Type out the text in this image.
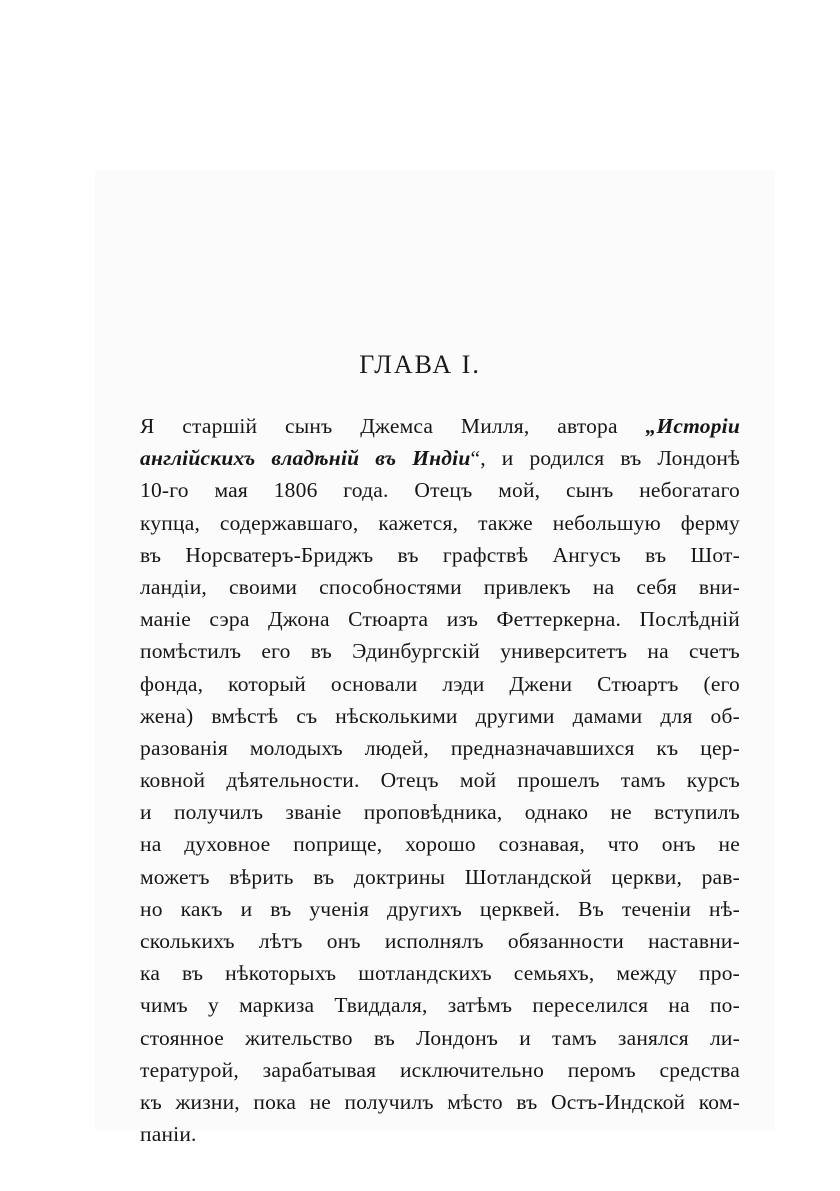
ГЛАВА I.
Я старшій сынъ Джемса Милля, автора „Исторіи
англійскихъ владѣній въ Индіи“, и родился въ Лондонѣ
10-го мая 1806 года. Отецъ мой, сынъ небогатаго
купца, содержавшаго, кажется, также небольшую ферму
въ Норсватеръ-Бриджъ въ графствѣ Ангусъ въ Шот-
ландіи, своими способностями привлекъ на себя вни-
маніе сэра Джона Стюарта изъ Феттеркерна. Послѣдній
помѣстилъ его въ Эдинбургскій университетъ на счетъ
фонда, который основали лэди Джени Стюартъ (его
жена) вмѣстѣ съ нѣсколькими другими дамами для об-
разованія молодыхъ людей, предназначавшихся къ цер-
ковной дѣятельности. Отецъ мой прошелъ тамъ курсъ
и получилъ званіе проповѣдника, однако не вступилъ
на духовное поприще, хорошо сознавая, что онъ не
можетъ вѣрить въ доктрины Шотландской церкви, рав-
но какъ и въ ученія другихъ церквей. Въ теченіи нѣ-
сколькихъ лѣтъ онъ исполнялъ обязанности наставни-
ка въ нѣкоторыхъ шотландскихъ семьяхъ, между про-
чимъ у маркиза Твиддаля, затѣмъ переселился на по-
стоянное жительство въ Лондонъ и тамъ занялся ли-
тературой, зарабатывая исключительно перомъ средства
къ жизни, пока не получилъ мѣсто въ Остъ-Индской ком-
паніи.
